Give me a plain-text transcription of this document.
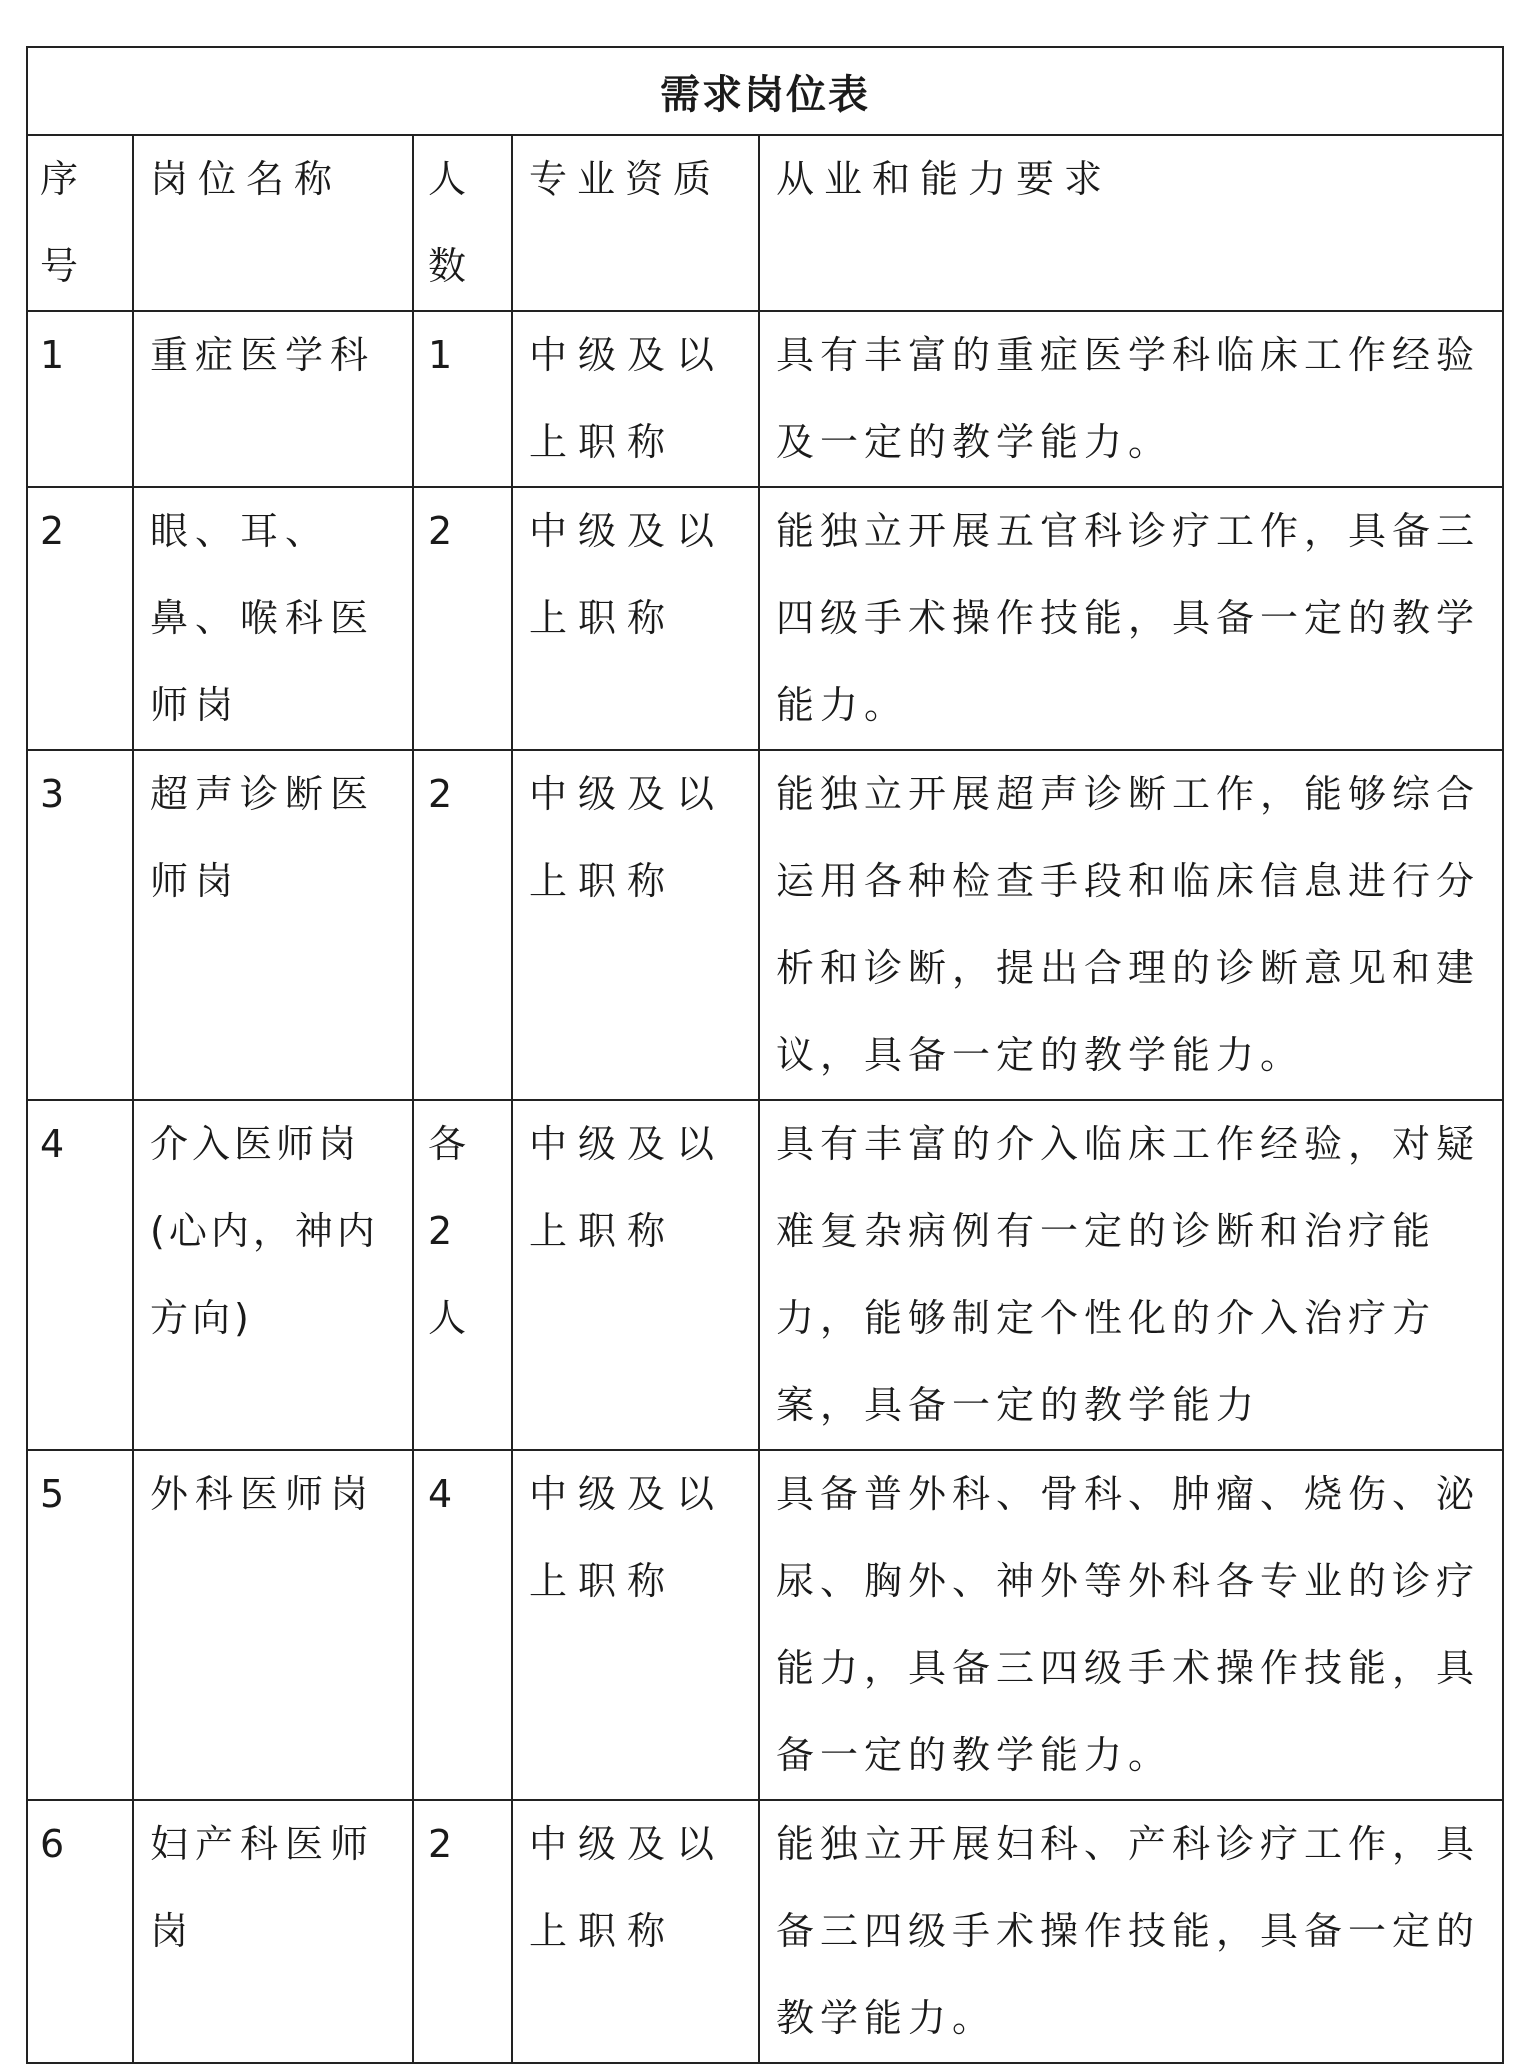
需求岗位表				

序号	岗位名称	人数	专业资质	从业和能力要求
1	重症医学科	1	中级及以上职称	具有丰富的重症医学科临床工作经验及一定的教学能力。
2	眼、耳、鼻、喉科医师岗	2	中级及以上职称	能独立开展五官科诊疗工作，具备三四级手术操作技能，具备一定的教学能力。
3	超声诊断医师岗	2	中级及以上职称	能独立开展超声诊断工作，能够综合运用各种检查手段和临床信息进行分析和诊断，提出合理的诊断意见和建议，具备一定的教学能力。
4	介入医师岗(心内，神内方向)	各2人	中级及以上职称	具有丰富的介入临床工作经验，对疑难复杂病例有一定的诊断和治疗能力，能够制定个性化的介入治疗方案，具备一定的教学能力
5	外科医师岗	4	中级及以上职称	具备普外科、骨科、肿瘤、烧伤、泌尿、胸外、神外等外科各专业的诊疗能力，具备三四级手术操作技能，具备一定的教学能力。
6	妇产科医师岗	2	中级及以上职称	能独立开展妇科、产科诊疗工作，具备三四级手术操作技能，具备一定的教学能力。
